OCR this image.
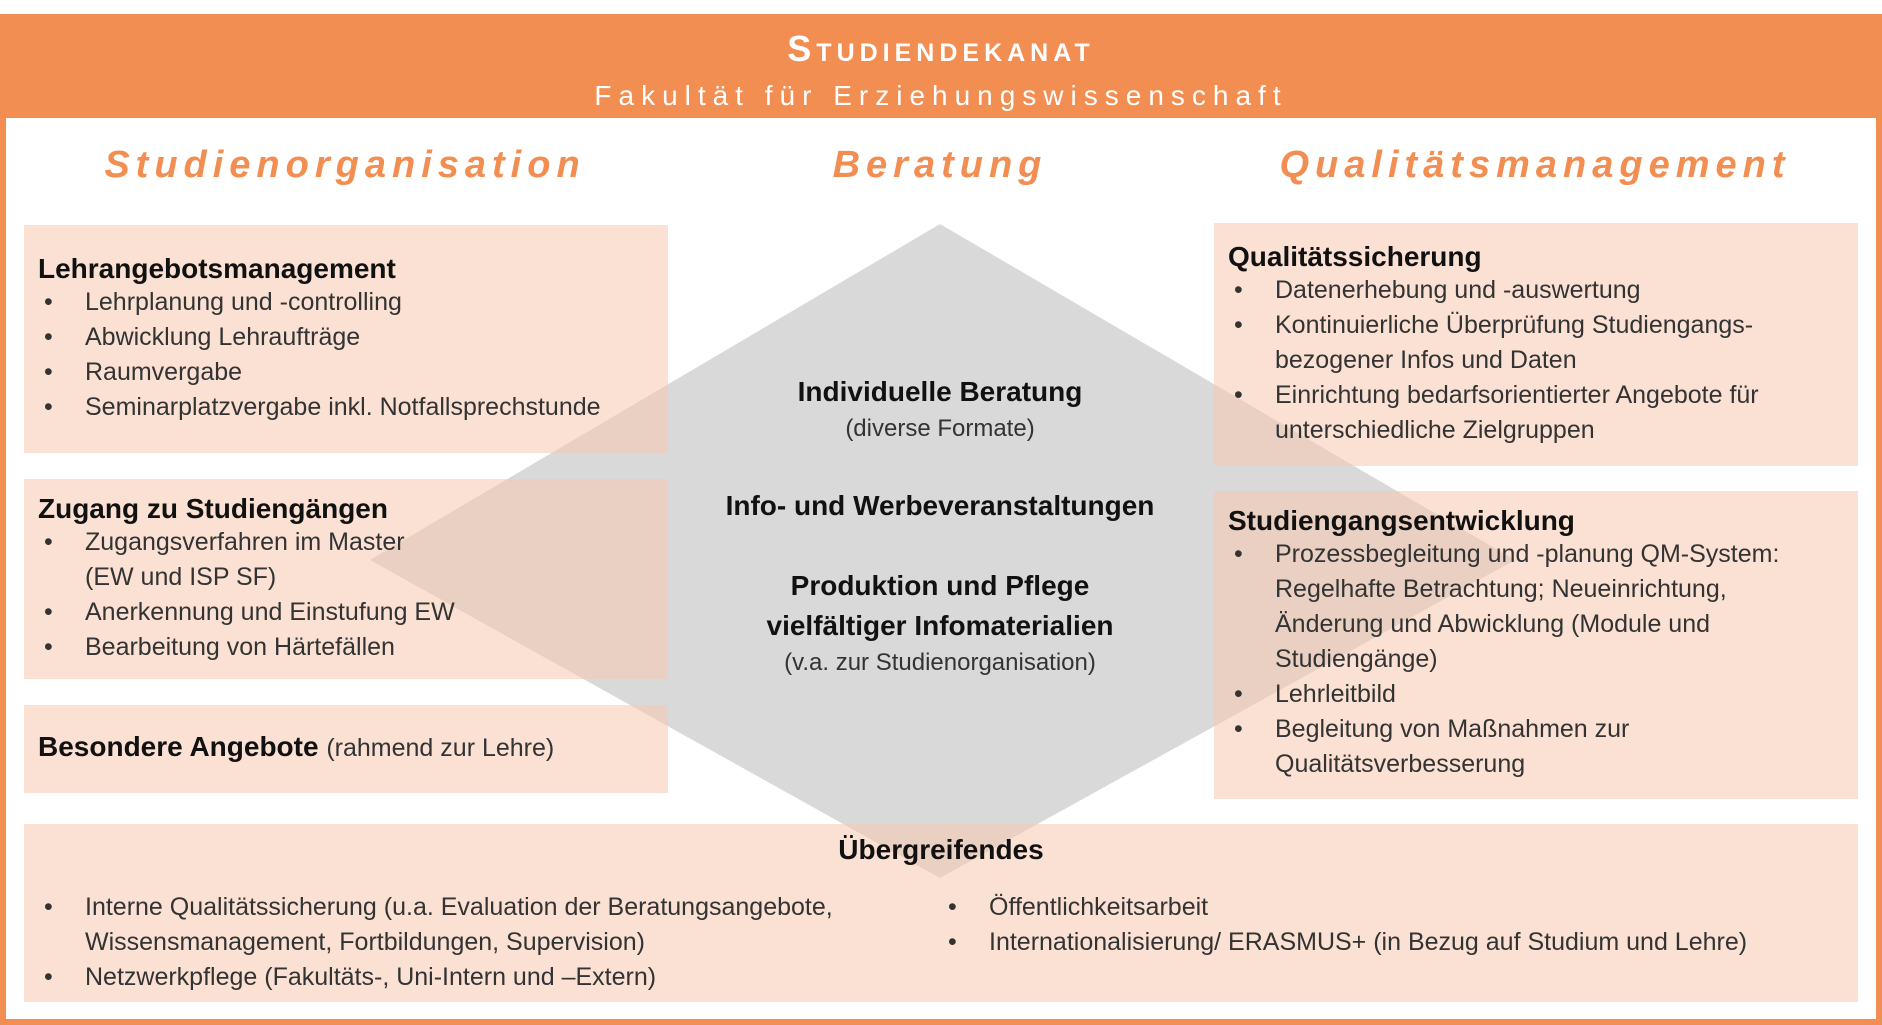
Studiendekanat
Fakultät für Erziehungswissenschaft
Studienorganisation	Beratung	Qualitätsmanagement
Lehrangebotsmanagement
• Lehrplanung und -controlling
• Abwicklung Lehraufträge
• Raumvergabe
• Seminarplatzvergabe inkl. Notfallsprechstunde
Zugang zu Studiengängen
• Zugangsverfahren im Master
(EW und ISP SF)
• Anerkennung und Einstufung EW
• Bearbeitung von Härtefällen
Besondere Angebote (rahmend zur Lehre)
Qualitätssicherung
• Datenerhebung und -auswertung
• Kontinuierliche Überprüfung Studiengangs-
bezogener Infos und Daten
• Einrichtung bedarfsorientierter Angebote für
unterschiedliche Zielgruppen
Studiengangsentwicklung
• Prozessbegleitung und -planung QM-System:
Regelhafte Betrachtung; Neueinrichtung,
Änderung und Abwicklung (Module und
Studiengänge)
• Lehrleitbild
• Begleitung von Maßnahmen zur
Qualitätsverbesserung
Individuelle Beratung
(diverse Formate)
Info- und Werbeveranstaltungen
Produktion und Pflege
vielfältiger Infomaterialien
(v.a. zur Studienorganisation)
Übergreifendes
• Interne Qualitätssicherung (u.a. Evaluation der Beratungsangebote,
Wissensmanagement, Fortbildungen, Supervision)
• Netzwerkpflege (Fakultäts-, Uni-Intern und –Extern)
• Öffentlichkeitsarbeit
• Internationalisierung/ ERASMUS+ (in Bezug auf Studium und Lehre)
